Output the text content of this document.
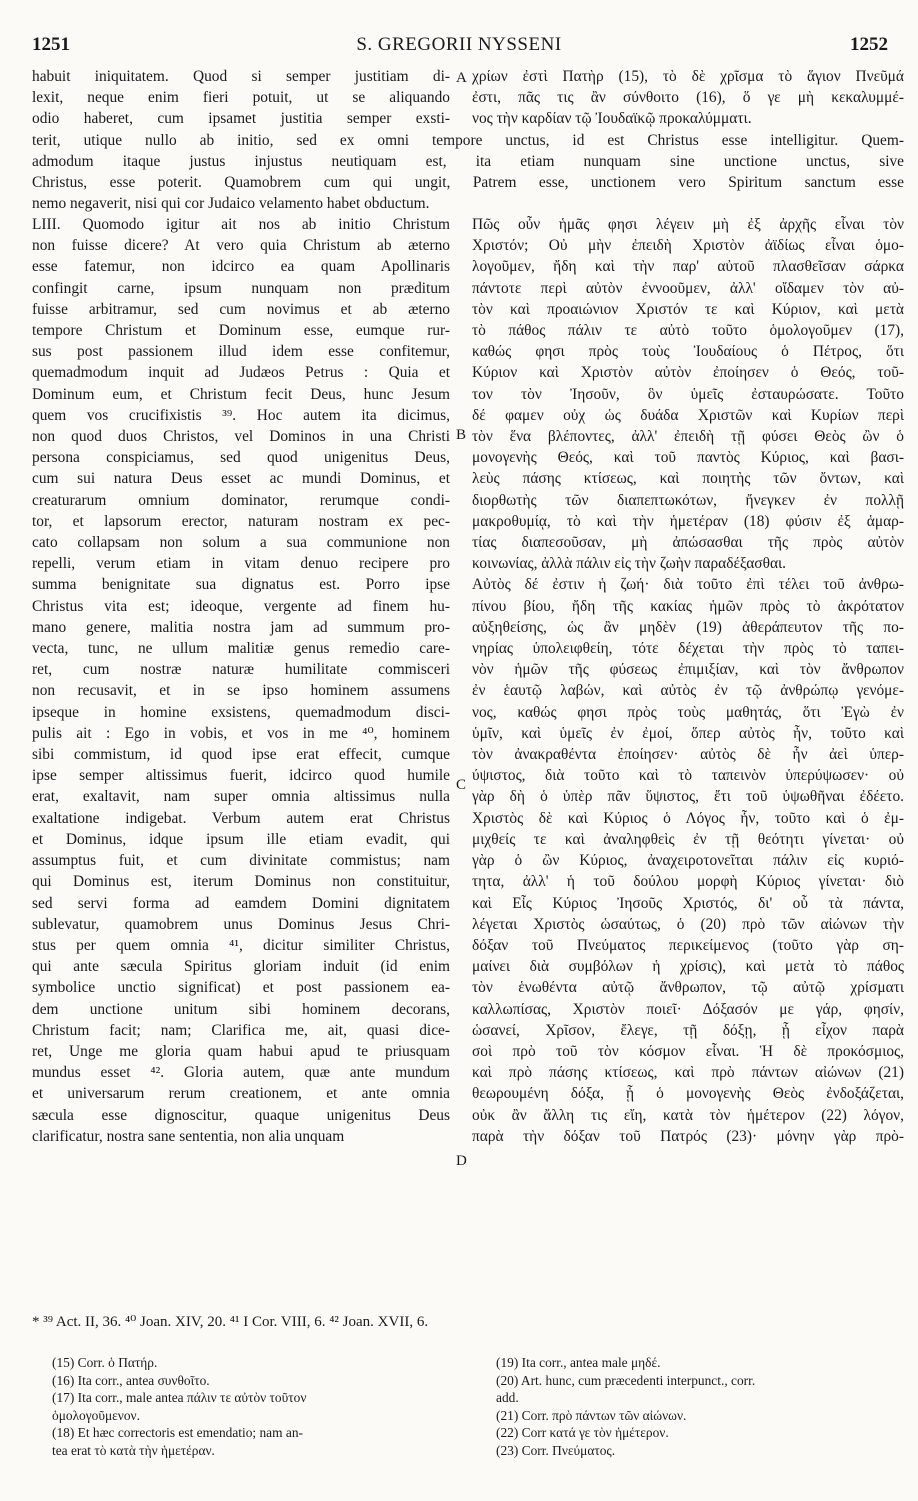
1251	S. GREGORII NYSSENI	1252
A
B
C
D
habuit iniquitatem. Quod si semper justitiam di-
lexit, neque enim fieri potuit, ut se aliquando
odio haberet, cum ipsamet justitia semper exsti-
χρίων ἐστὶ Πατὴρ (15), τὸ δὲ χρῖσμα τὸ ἅγιον Πνεῦμά
ἐστι, πᾶς τις ἂν σύνθοιτο (16), ὅ γε μὴ κεκαλυμμέ-
νος τὴν καρδίαν τῷ Ἰουδαϊκῷ προκαλύμματι.
terit, utique nullo ab initio, sed ex omni tempore unctus, id est Christus esse intelligitur. Quem-
admodum itaque justus injustus neutiquam est, ita etiam nunquam sine unctione unctus, sive
Christus, esse poterit. Quamobrem cum qui ungit, Patrem esse, unctionem vero Spiritum sanctum esse
nemo negaverit, nisi qui cor Judaico velamento habet obductum.
LIII. Quomodo igitur ait nos ab initio Christum
non fuisse dicere? At vero quia Christum ab æterno
esse fatemur, non idcirco ea quam Apollinaris
confingit carne, ipsum nunquam non præditum
fuisse arbitramur, sed cum novimus et ab æterno
tempore Christum et Dominum esse, eumque rur-
sus post passionem illud idem esse confitemur,
quemadmodum inquit ad Judæos Petrus : Quia et
Dominum eum, et Christum fecit Deus, hunc Jesum
quem vos crucifixistis ³⁹. Hoc autem ita dicimus,
non quod duos Christos, vel Dominos in una Christi
persona conspiciamus, sed quod unigenitus Deus,
cum sui natura Deus esset ac mundi Dominus, et
creaturarum omnium dominator, rerumque condi-
tor, et lapsorum erector, naturam nostram ex pec-
cato collapsam non solum a sua communione non
repelli, verum etiam in vitam denuo recipere pro
summa benignitate sua dignatus est. Porro ipse
Christus vita est; ideoque, vergente ad finem hu-
mano genere, malitia nostra jam ad summum pro-
vecta, tunc, ne ullum malitiæ genus remedio care-
ret, cum nostræ naturæ humilitate commisceri
non recusavit, et in se ipso hominem assumens
ipseque in homine exsistens, quemadmodum disci-
pulis ait : Ego in vobis, et vos in me ⁴⁰, hominem
sibi commistum, id quod ipse erat effecit, cumque
ipse semper altissimus fuerit, idcirco quod humile
erat, exaltavit, nam super omnia altissimus nulla
exaltatione indigebat. Verbum autem erat Christus
et Dominus, idque ipsum ille etiam evadit, qui
assumptus fuit, et cum divinitate commistus; nam
qui Dominus est, iterum Dominus non constituitur,
sed servi forma ad eamdem Domini dignitatem
sublevatur, quamobrem unus Dominus Jesus Chri-
stus per quem omnia ⁴¹, dicitur similiter Christus,
qui ante sæcula Spiritus gloriam induit (id enim
symbolice unctio significat) et post passionem ea-
dem unctione unitum sibi hominem decorans,
Christum facit; nam; Clarifica me, ait, quasi dice-
ret, Unge me gloria quam habui apud te priusquam
mundus esset ⁴². Gloria autem, quæ ante mundum
et universarum rerum creationem, et ante omnia
sæcula esse dignoscitur, quaque unigenitus Deus
clarificatur, nostra sane sententia, non alia unquam
Πῶς οὖν ἡμᾶς φησι λέγειν μὴ ἐξ ἀρχῆς εἶναι τὸν
Χριστόν; Οὐ μὴν ἐπειδὴ Χριστὸν ἀϊδίως εἶναι ὁμο-
λογοῦμεν, ἤδη καὶ τὴν παρ' αὐτοῦ πλασθεῖσαν σάρκα
πάντοτε περὶ αὐτὸν ἐννοοῦμεν, ἀλλ' οἴδαμεν τὸν αὐ-
τὸν καὶ προαιώνιον Χριστόν τε καὶ Κύριον, καὶ μετὰ
τὸ πάθος πάλιν τε αὐτὸ τοῦτο ὁμολογοῦμεν (17),
καθώς φησι πρὸς τοὺς Ἰουδαίους ὁ Πέτρος, ὅτι
Κύριον καὶ Χριστὸν αὐτὸν ἐποίησεν ὁ Θεός, τοῦ-
τον τὸν Ἰησοῦν, ὃν ὑμεῖς ἐσταυρώσατε. Τοῦτο
δέ φαμεν οὐχ ὡς δυάδα Χριστῶν καὶ Κυρίων περὶ
τὸν ἕνα βλέποντες, ἀλλ' ἐπειδὴ τῇ φύσει Θεὸς ὢν ὁ
μονογενὴς Θεός, καὶ τοῦ παντὸς Κύριος, καὶ βασι-
λεὺς πάσης κτίσεως, καὶ ποιητὴς τῶν ὄντων, καὶ
διορθωτὴς τῶν διαπεπτωκότων, ἤνεγκεν ἐν πολλῇ
μακροθυμίᾳ, τὸ καὶ τὴν ἡμετέραν (18) φύσιν ἐξ ἁμαρ-
τίας διαπεσοῦσαν, μὴ ἀπώσασθαι τῆς πρὸς αὐτὸν
κοινωνίας, ἀλλὰ πάλιν εἰς τὴν ζωὴν παραδέξασθαι.
Αὐτὸς δέ ἐστιν ἡ ζωή· διὰ τοῦτο ἐπὶ τέλει τοῦ ἀνθρω-
πίνου βίου, ἤδη τῆς κακίας ἡμῶν πρὸς τὸ ἀκρότατον
αὐξηθείσης, ὡς ἂν μηδὲν (19) ἀθεράπευτον τῆς πο-
νηρίας ὑπολειφθείη, τότε δέχεται τὴν πρὸς τὸ ταπει-
νὸν ἡμῶν τῆς φύσεως ἐπιμιξίαν, καὶ τὸν ἄνθρωπον
ἐν ἑαυτῷ λαβών, καὶ αὐτὸς ἐν τῷ ἀνθρώπῳ γενόμε-
νος, καθώς φησι πρὸς τοὺς μαθητάς, ὅτι Ἐγὼ ἐν
ὑμῖν, καὶ ὑμεῖς ἐν ἐμοί, ὅπερ αὐτὸς ἦν, τοῦτο καὶ
τὸν ἀνακραθέντα ἐποίησεν· αὐτὸς δὲ ἦν ἀεὶ ὑπερ-
ύψιστος, διὰ τοῦτο καὶ τὸ ταπεινὸν ὑπερύψωσεν· οὐ
γὰρ δὴ ὁ ὑπὲρ πᾶν ὕψιστος, ἔτι τοῦ ὑψωθῆναι ἐδέετο.
Χριστὸς δὲ καὶ Κύριος ὁ Λόγος ἦν, τοῦτο καὶ ὁ ἐμ-
μιχθείς τε καὶ ἀναληφθεὶς ἐν τῇ θεότητι γίνεται· οὐ
γὰρ ὁ ὢν Κύριος, ἀναχειροτονεῖται πάλιν εἰς κυριό-
τητα, ἀλλ' ἡ τοῦ δούλου μορφὴ Κύριος γίνεται· διὸ
καὶ Εἷς Κύριος Ἰησοῦς Χριστός, δι' οὗ τὰ πάντα,
λέγεται Χριστὸς ὡσαύτως, ὁ (20) πρὸ τῶν αἰώνων τὴν
δόξαν τοῦ Πνεύματος περικείμενος (τοῦτο γὰρ ση-
μαίνει διὰ συμβόλων ἡ χρίσις), καὶ μετὰ τὸ πάθος
τὸν ἑνωθέντα αὐτῷ ἄνθρωπον, τῷ αὐτῷ χρίσματι
καλλωπίσας, Χριστὸν ποιεῖ· Δόξασόν με γάρ, φησίν,
ὡσανεί, Χρῖσον, ἔλεγε, τῇ δόξῃ, ᾗ εἶχον παρὰ
σοὶ πρὸ τοῦ τὸν κόσμον εἶναι. Ἡ δὲ προκόσμιος,
καὶ πρὸ πάσης κτίσεως, καὶ πρὸ πάντων αἰώνων (21)
θεωρουμένη δόξα, ᾗ ὁ μονογενὴς Θεὸς ἐνδοξάζεται,
οὐκ ἂν ἄλλη τις εἴη, κατὰ τὸν ἡμέτερον (22) λόγον,
παρὰ τὴν δόξαν τοῦ Πατρός (23)· μόνην γὰρ πρὸ-
* ³⁹ Act. II, 36. ⁴⁰ Joan. XIV, 20. ⁴¹ I Cor. VIII, 6. ⁴² Joan. XVII, 6.
(15) Corr. ὁ Πατήρ.
(16) Ita corr., antea συνθοῖτο.
(17) Ita corr., male antea πάλιν τε αὐτὸν τοῦτον
ὁμολογοῦμενον.
(18) Et hæc correctoris est emendatio; nam an-
tea erat τὸ κατὰ τὴν ἡμετέραν.
(19) Ita corr., antea male μηδέ.
(20) Art. hunc, cum præcedenti interpunct., corr.
add.
(21) Corr. πρὸ πάντων τῶν αἰώνων.
(22) Corr κατά γε τὸν ἡμέτερον.
(23) Corr. Πνεύματος.
